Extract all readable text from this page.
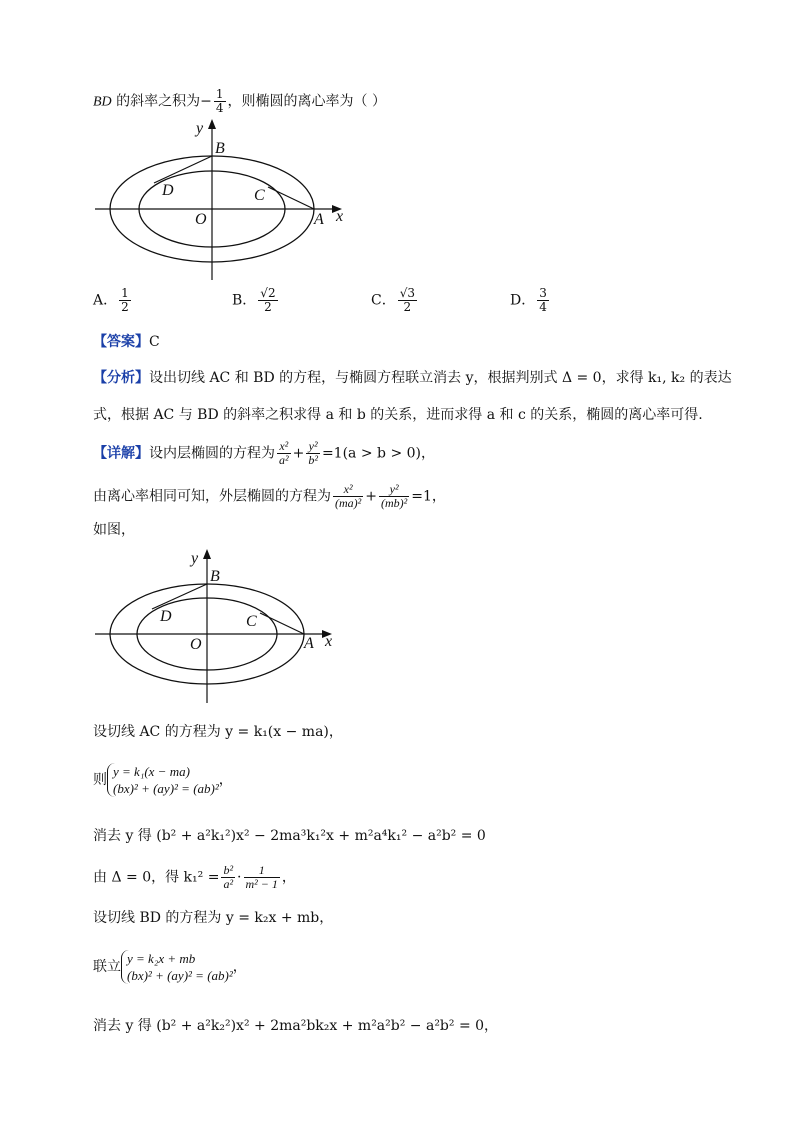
BD 的斜率之积为− $\frac{1}{4}$ ，则椭圆的离心率为（ ）
y
B
D	C
O	A x
A． $\frac{1}{2}$	B． $\frac{√2}{2}$	C． $\frac{√3}{2}$	D． $\frac{3}{4}$
【答案】C
【分析】设出切线 AC 和 BD 的方程，与椭圆方程联立消去 y，根据判别式 Δ = 0，求得 k₁, k₂ 的表达
式，根据 AC 与 BD 的斜率之积求得 a 和 b 的关系，进而求得 a 和 c 的关系，椭圆的离心率可得.
【详解】设内层椭圆的方程为 $\frac{\text{x²}}{\text{a²}} + \frac{\text{y²}}{\text{b²}} =1(a > b > 0)$，
由离心率相同可知，外层椭圆的方程为 $\frac{\text{x²}}{\text{(ma)²}} + \frac{\text{y²}}{\text{(mb)²}} =1$，
如图，
y
B
D	C
O	A x
设切线 AC 的方程为 y = k₁(x − ma)，
则y = k₁(x − ma)
(bx)² + (ay)² = (ab)²，
消去 y 得 (b² + a²k₁²)x² − 2ma³k₁²x + m²a⁴k₁² − a²b² = 0
由 Δ = 0，得 $k_1^2 = \frac{\text{b²}}{\text{a²}} \cdot \frac{1}{\text{m² − 1}}$ ，
设切线 BD 的方程为 y = k₂x + mb，
联立y = k₂x + mb
(bx)² + (ay)² = (ab)²，
消去 y 得 (b² + a²k₂²)x² + 2ma²bk₂x + m²a²b² − a²b² = 0，
